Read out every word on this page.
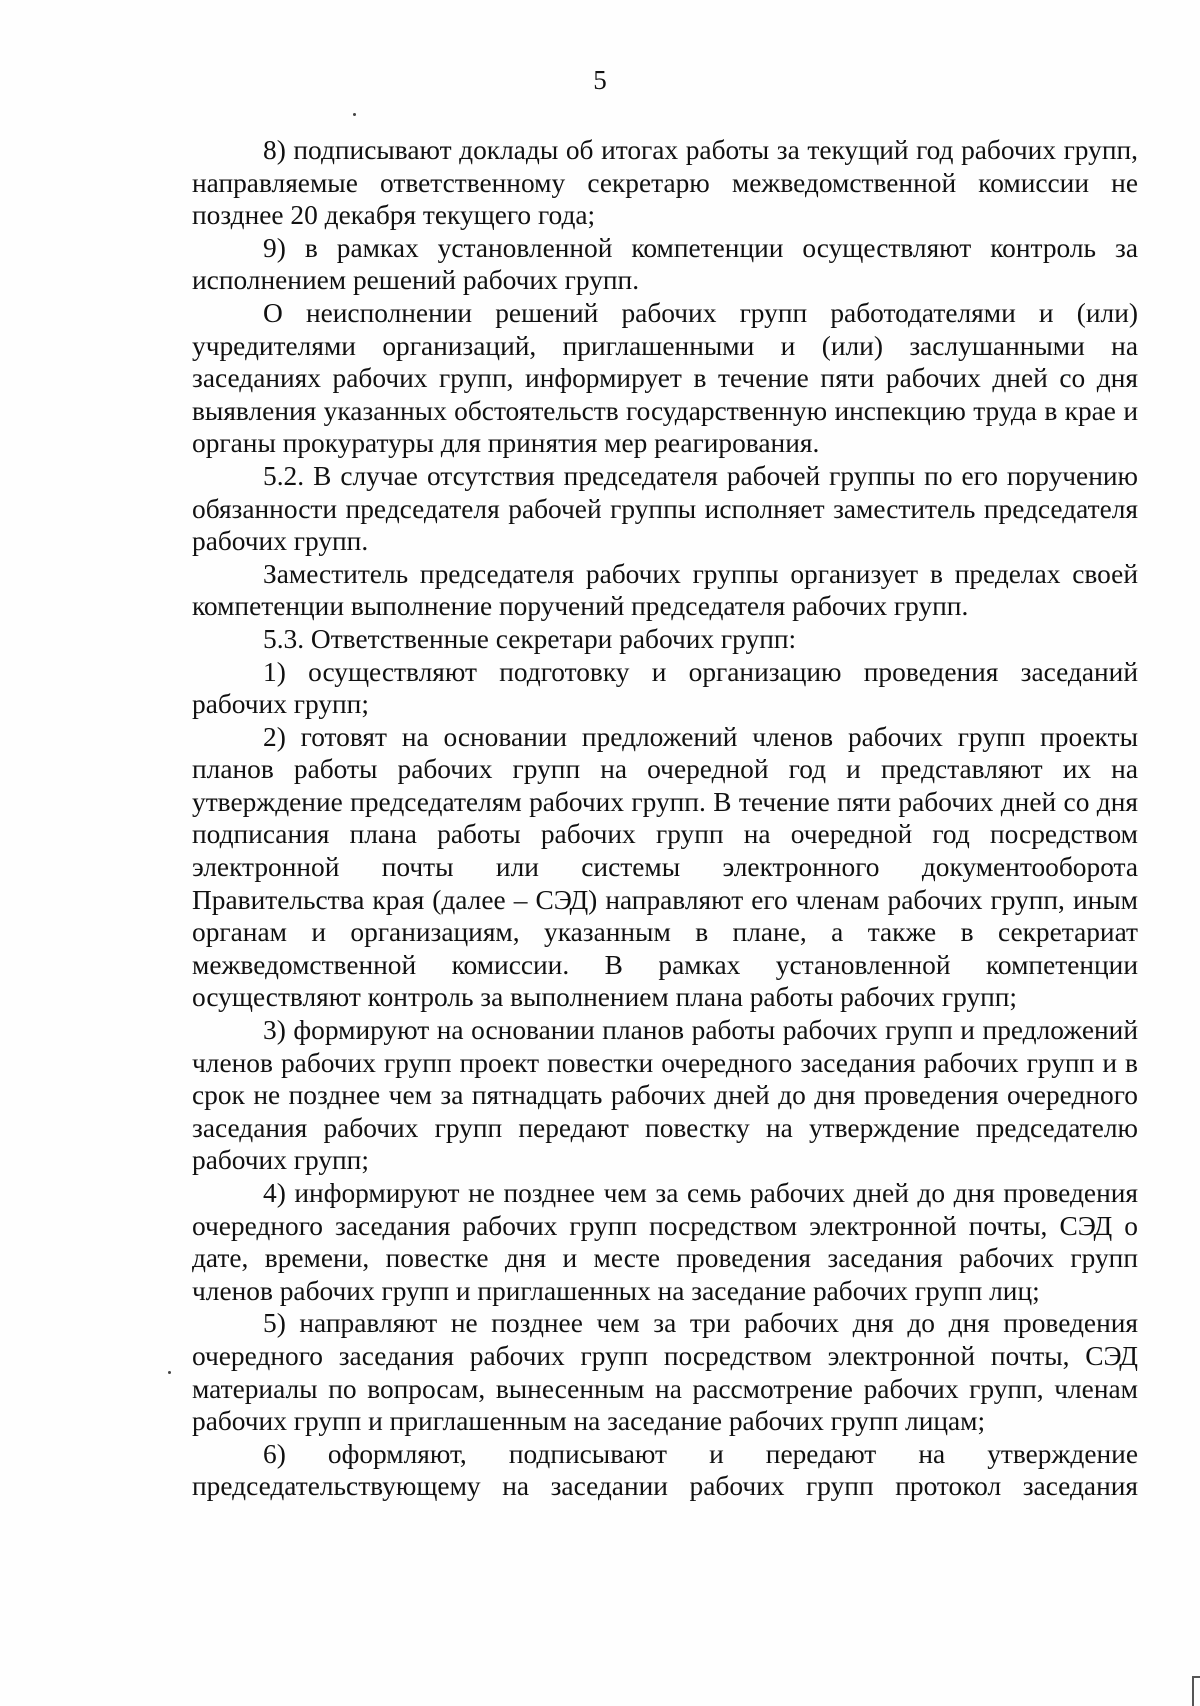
5

8) подписывают доклады об итогах работы за текущий год рабочих групп, направляемые ответственному секретарю межведомственной комиссии не позднее 20 декабря текущего года;

9) в рамках установленной компетенции осуществляют контроль за исполнением решений рабочих групп.

О неисполнении решений рабочих групп работодателями и (или) учредителями организаций, приглашенными и (или) заслушанными на заседаниях рабочих групп, информирует в течение пяти рабочих дней со дня выявления указанных обстоятельств государственную инспекцию труда в крае и органы прокуратуры для принятия мер реагирования.

5.2. В случае отсутствия председателя рабочей группы по его поручению обязанности председателя рабочей группы исполняет заместитель председателя рабочих групп.

Заместитель председателя рабочих группы организует в пределах своей компетенции выполнение поручений председателя рабочих групп.

5.3. Ответственные секретари рабочих групп:

1) осуществляют подготовку и организацию проведения заседаний рабочих групп;

2) готовят на основании предложений членов рабочих групп проекты планов работы рабочих групп на очередной год и представляют их на утверждение председателям рабочих групп. В течение пяти рабочих дней со дня подписания плана работы рабочих групп на очередной год посредством электронной почты или системы электронного документооборота Правительства края (далее – СЭД) направляют его членам рабочих групп, иным органам и организациям, указанным в плане, а также в секретариат межведомственной комиссии. В рамках установленной компетенции осуществляют контроль за выполнением плана работы рабочих групп;

3) формируют на основании планов работы рабочих групп и предложений членов рабочих групп проект повестки очередного заседания рабочих групп и в срок не позднее чем за пятнадцать рабочих дней до дня проведения очередного заседания рабочих групп передают повестку на утверждение председателю рабочих групп;

4) информируют не позднее чем за семь рабочих дней до дня проведения очередного заседания рабочих групп посредством электронной почты, СЭД о дате, времени, повестке дня и месте проведения заседания рабочих групп членов рабочих групп и приглашенных на заседание рабочих групп лиц;

5) направляют не позднее чем за три рабочих дня до дня проведения очередного заседания рабочих групп посредством электронной почты, СЭД материалы по вопросам, вынесенным на рассмотрение рабочих групп, членам рабочих групп и приглашенным на заседание рабочих групп лицам;

6) оформляют, подписывают и передают на утверждение председательствующему на заседании рабочих групп протокол заседания
